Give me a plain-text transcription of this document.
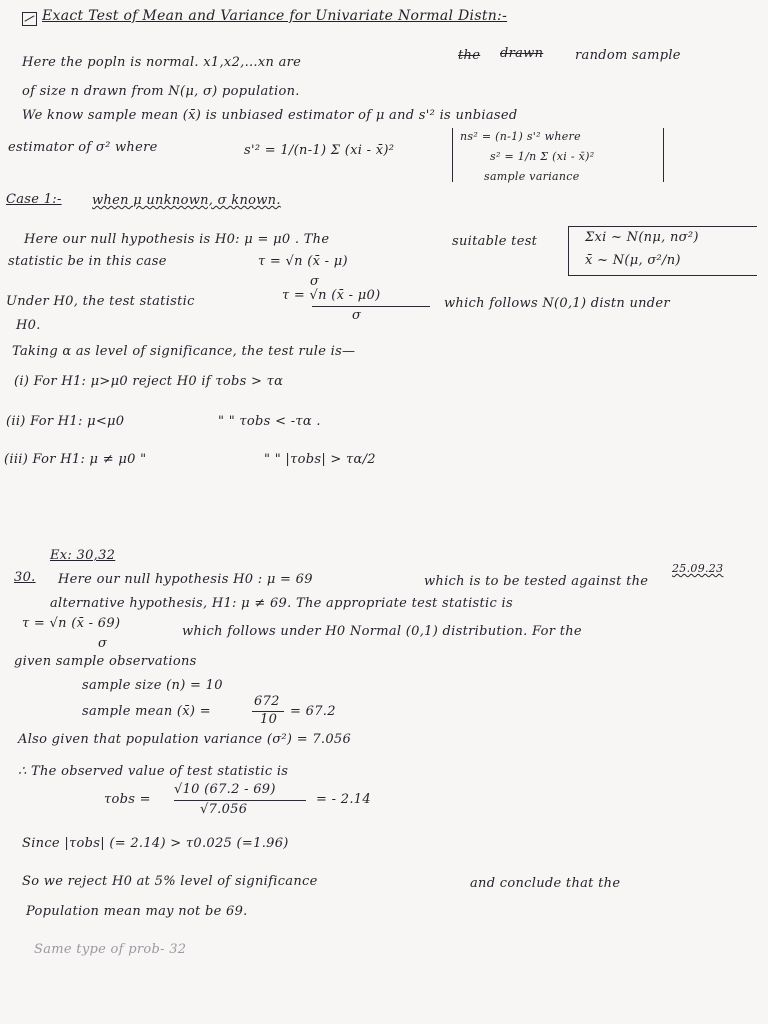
Exact Test of Mean and Variance for Univariate Normal Distn:-
Here the popln is normal. x1,x2,...xn are	the drawn random sample
of size n drawn from N(μ, σ) population.
We know sample mean (x̄) is unbiased estimator of μ and s'² is unbiased
estimator of σ² where	s'² = 1/(n-1) Σ (xi - x̄)²
ns² = (n-1) s'² where
s² = 1/n Σ (xi - x̄)²
sample variance
Case 1:- when μ unknown, σ known.
Here our null hypothesis is H0: μ = μ0 . The	suitable test	Σxi ~ N(nμ, nσ²)
x̄ ~ N(μ, σ²/n)
statistic be in this case	τ = √n (x̄ - μ)
σ
Under H0, the test statistic	τ = √n (x̄ - μ0)
σ
which follows N(0,1) distn under
H0.
Taking α as level of significance, the test rule is—
(i) For H1: μ>μ0 reject H0 if τobs > τα
(ii) For H1: μ<μ0	" " τobs < -τα .
(iii) For H1: μ ≠ μ0 "	" " |τobs| > τα/2
Ex: 30,32
25.09.23
30. Here our null hypothesis H0 : μ = 69	which is to be tested against the
alternative hypothesis, H1: μ ≠ 69. The appropriate test statistic is
τ = √n (x̄ - 69)
σ
which follows under H0 Normal (0,1) distribution. For the
given sample observations
sample size (n) = 10
sample mean (x̄) =
672
10
= 67.2
Also given that population variance (σ²) = 7.056
∴ The observed value of test statistic is
τobs =
√10 (67.2 - 69)
√7.056
= - 2.14
Since |τobs| (= 2.14) > τ0.025 (=1.96)
So we reject H0 at 5% level of significance	and conclude that the
Population mean may not be 69.
Same type of prob- 32
